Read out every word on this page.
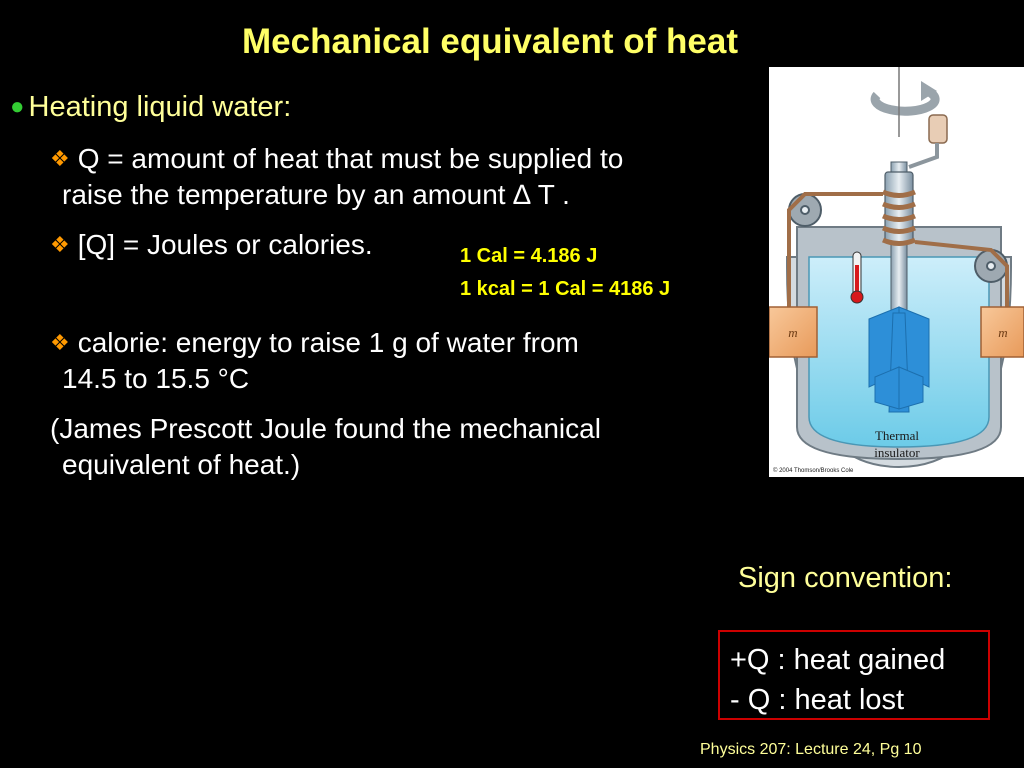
Mechanical equivalent of heat
● Heating liquid water:
❖ Q = amount of heat that must be supplied to
raise the temperature by an amount ∆ T .
❖ [Q] = Joules or calories.	1 Cal = 4.186 J
1 kcal = 1 Cal = 4186 J
❖ calorie: energy to raise 1 g of water from
14.5 to 15.5 °C
(James Prescott Joule found the mechanical
equivalent of heat.)
m	m
Thermal
insulator
© 2004 Thomson/Brooks Cole
Sign convention:
+Q : heat gained
- Q : heat lost
Physics 207: Lecture 24, Pg 10
